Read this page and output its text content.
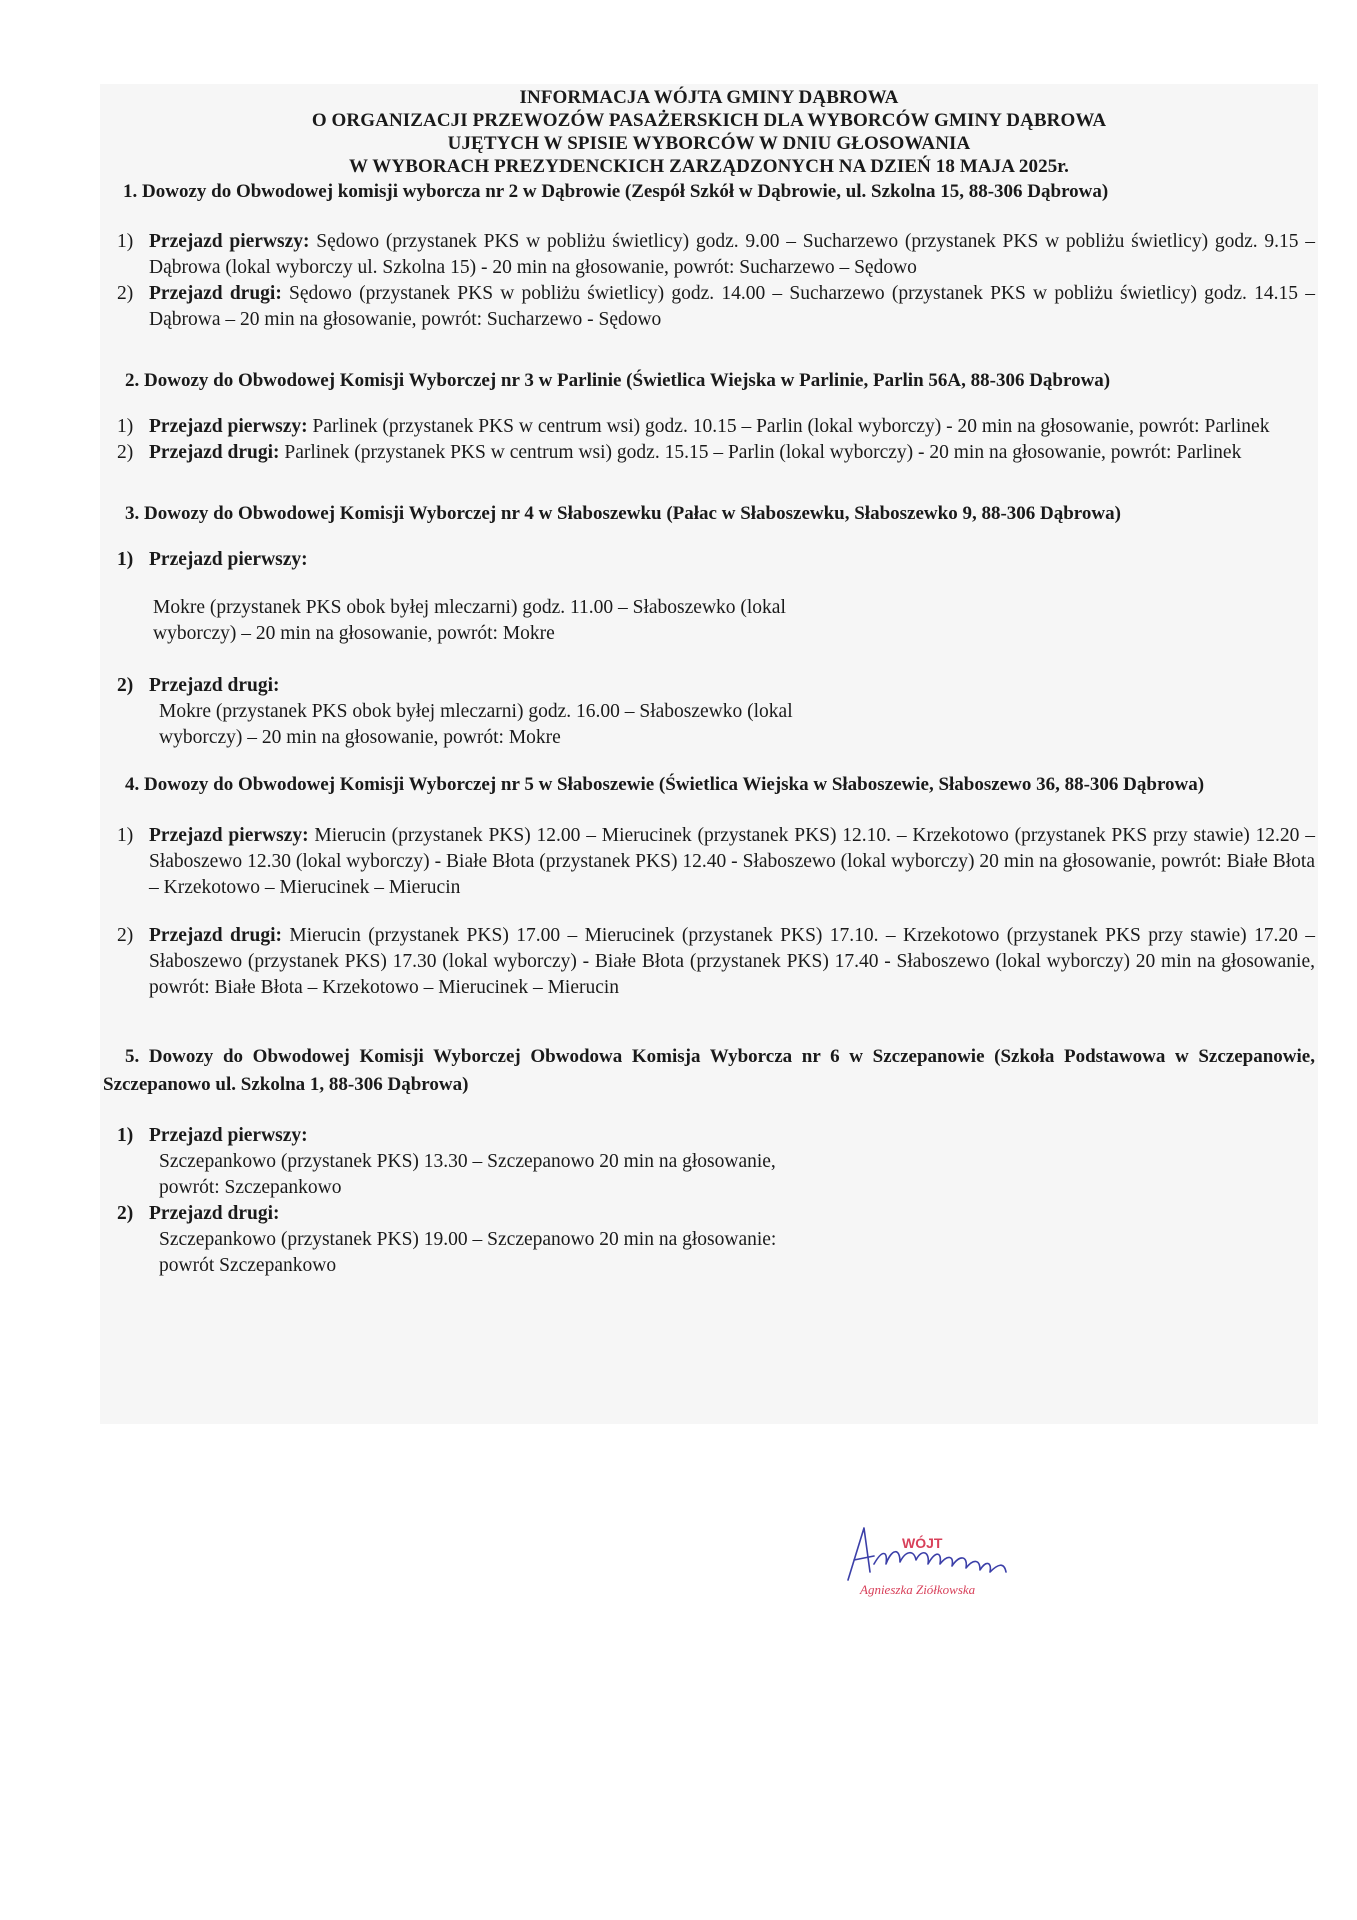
INFORMACJA WÓJTA GMINY DĄBROWA

O ORGANIZACJI PRZEWOZÓW PASAŻERSKICH DLA WYBORCÓW GMINY DĄBROWA

UJĘTYCH W SPISIE WYBORCÓW W DNIU GŁOSOWANIA

W WYBORACH PREZYDENCKICH ZARZĄDZONYCH NA DZIEŃ 18 MAJA 2025r.

1. Dowozy do Obwodowej komisji wyborcza nr 2 w Dąbrowie (Zespół Szkół w Dąbrowie, ul. Szkolna 15, 88-306 Dąbrowa)

1) Przejazd pierwszy: Sędowo (przystanek PKS w pobliżu świetlicy) godz. 9.00 – Sucharzewo (przystanek PKS w pobliżu świetlicy) godz. 9.15 – Dąbrowa (lokal wyborczy ul. Szkolna 15) - 20 min na głosowanie, powrót: Sucharzewo – Sędowo

2) Przejazd drugi: Sędowo (przystanek PKS w pobliżu świetlicy) godz. 14.00 – Sucharzewo (przystanek PKS w pobliżu świetlicy) godz. 14.15 – Dąbrowa – 20 min na głosowanie, powrót: Sucharzewo - Sędowo

2. Dowozy do Obwodowej Komisji Wyborczej nr 3 w Parlinie (Świetlica Wiejska w Parlinie, Parlin 56A, 88-306 Dąbrowa)

1) Przejazd pierwszy: Parlinek (przystanek PKS w centrum wsi) godz. 10.15 – Parlin (lokal wyborczy) - 20 min na głosowanie, powrót: Parlinek

2) Przejazd drugi: Parlinek (przystanek PKS w centrum wsi) godz. 15.15 – Parlin (lokal wyborczy) - 20 min na głosowanie, powrót: Parlinek

3. Dowozy do Obwodowej Komisji Wyborczej nr 4 w Słaboszewku (Pałac w Słaboszewku, Słaboszewko 9, 88-306 Dąbrowa)

1) Przejazd pierwszy:

Mokre (przystanek PKS obok byłej mleczarni) godz. 11.00 – Słaboszewko (lokal

wyborczy) – 20 min na głosowanie, powrót: Mokre

2) Przejazd drugi:

Mokre (przystanek PKS obok byłej mleczarni) godz. 16.00 – Słaboszewko (lokal

wyborczy) – 20 min na głosowanie, powrót: Mokre

4. Dowozy do Obwodowej Komisji Wyborczej nr 5 w Słaboszewie (Świetlica Wiejska w Słaboszewie, Słaboszewo 36, 88-306 Dąbrowa)

1) Przejazd pierwszy: Mierucin (przystanek PKS) 12.00 – Mierucinek (przystanek PKS) 12.10. – Krzekotowo (przystanek PKS przy stawie) 12.20 – Słaboszewo 12.30 (lokal wyborczy) - Białe Błota (przystanek PKS) 12.40 - Słaboszewo (lokal wyborczy) 20 min na głosowanie, powrót: Białe Błota – Krzekotowo – Mierucinek – Mierucin

2) Przejazd drugi: Mierucin (przystanek PKS) 17.00 – Mierucinek (przystanek PKS) 17.10. – Krzekotowo (przystanek PKS przy stawie) 17.20 – Słaboszewo (przystanek PKS) 17.30 (lokal wyborczy) - Białe Błota (przystanek PKS) 17.40 - Słaboszewo (lokal wyborczy) 20 min na głosowanie, powrót: Białe Błota – Krzekotowo – Mierucinek – Mierucin

5. Dowozy do Obwodowej Komisji Wyborczej Obwodowa Komisja Wyborcza nr 6 w Szczepanowie (Szkoła Podstawowa w Szczepanowie, Szczepanowo ul. Szkolna 1, 88-306 Dąbrowa)

1) Przejazd pierwszy:

Szczepankowo (przystanek PKS) 13.30 – Szczepanowo 20 min na głosowanie,

powrót: Szczepankowo

2) Przejazd drugi:

Szczepankowo (przystanek PKS) 19.00 – Szczepanowo 20 min na głosowanie:

powrót Szczepankowo

WÓJT
Agnieszka Ziółkowska
